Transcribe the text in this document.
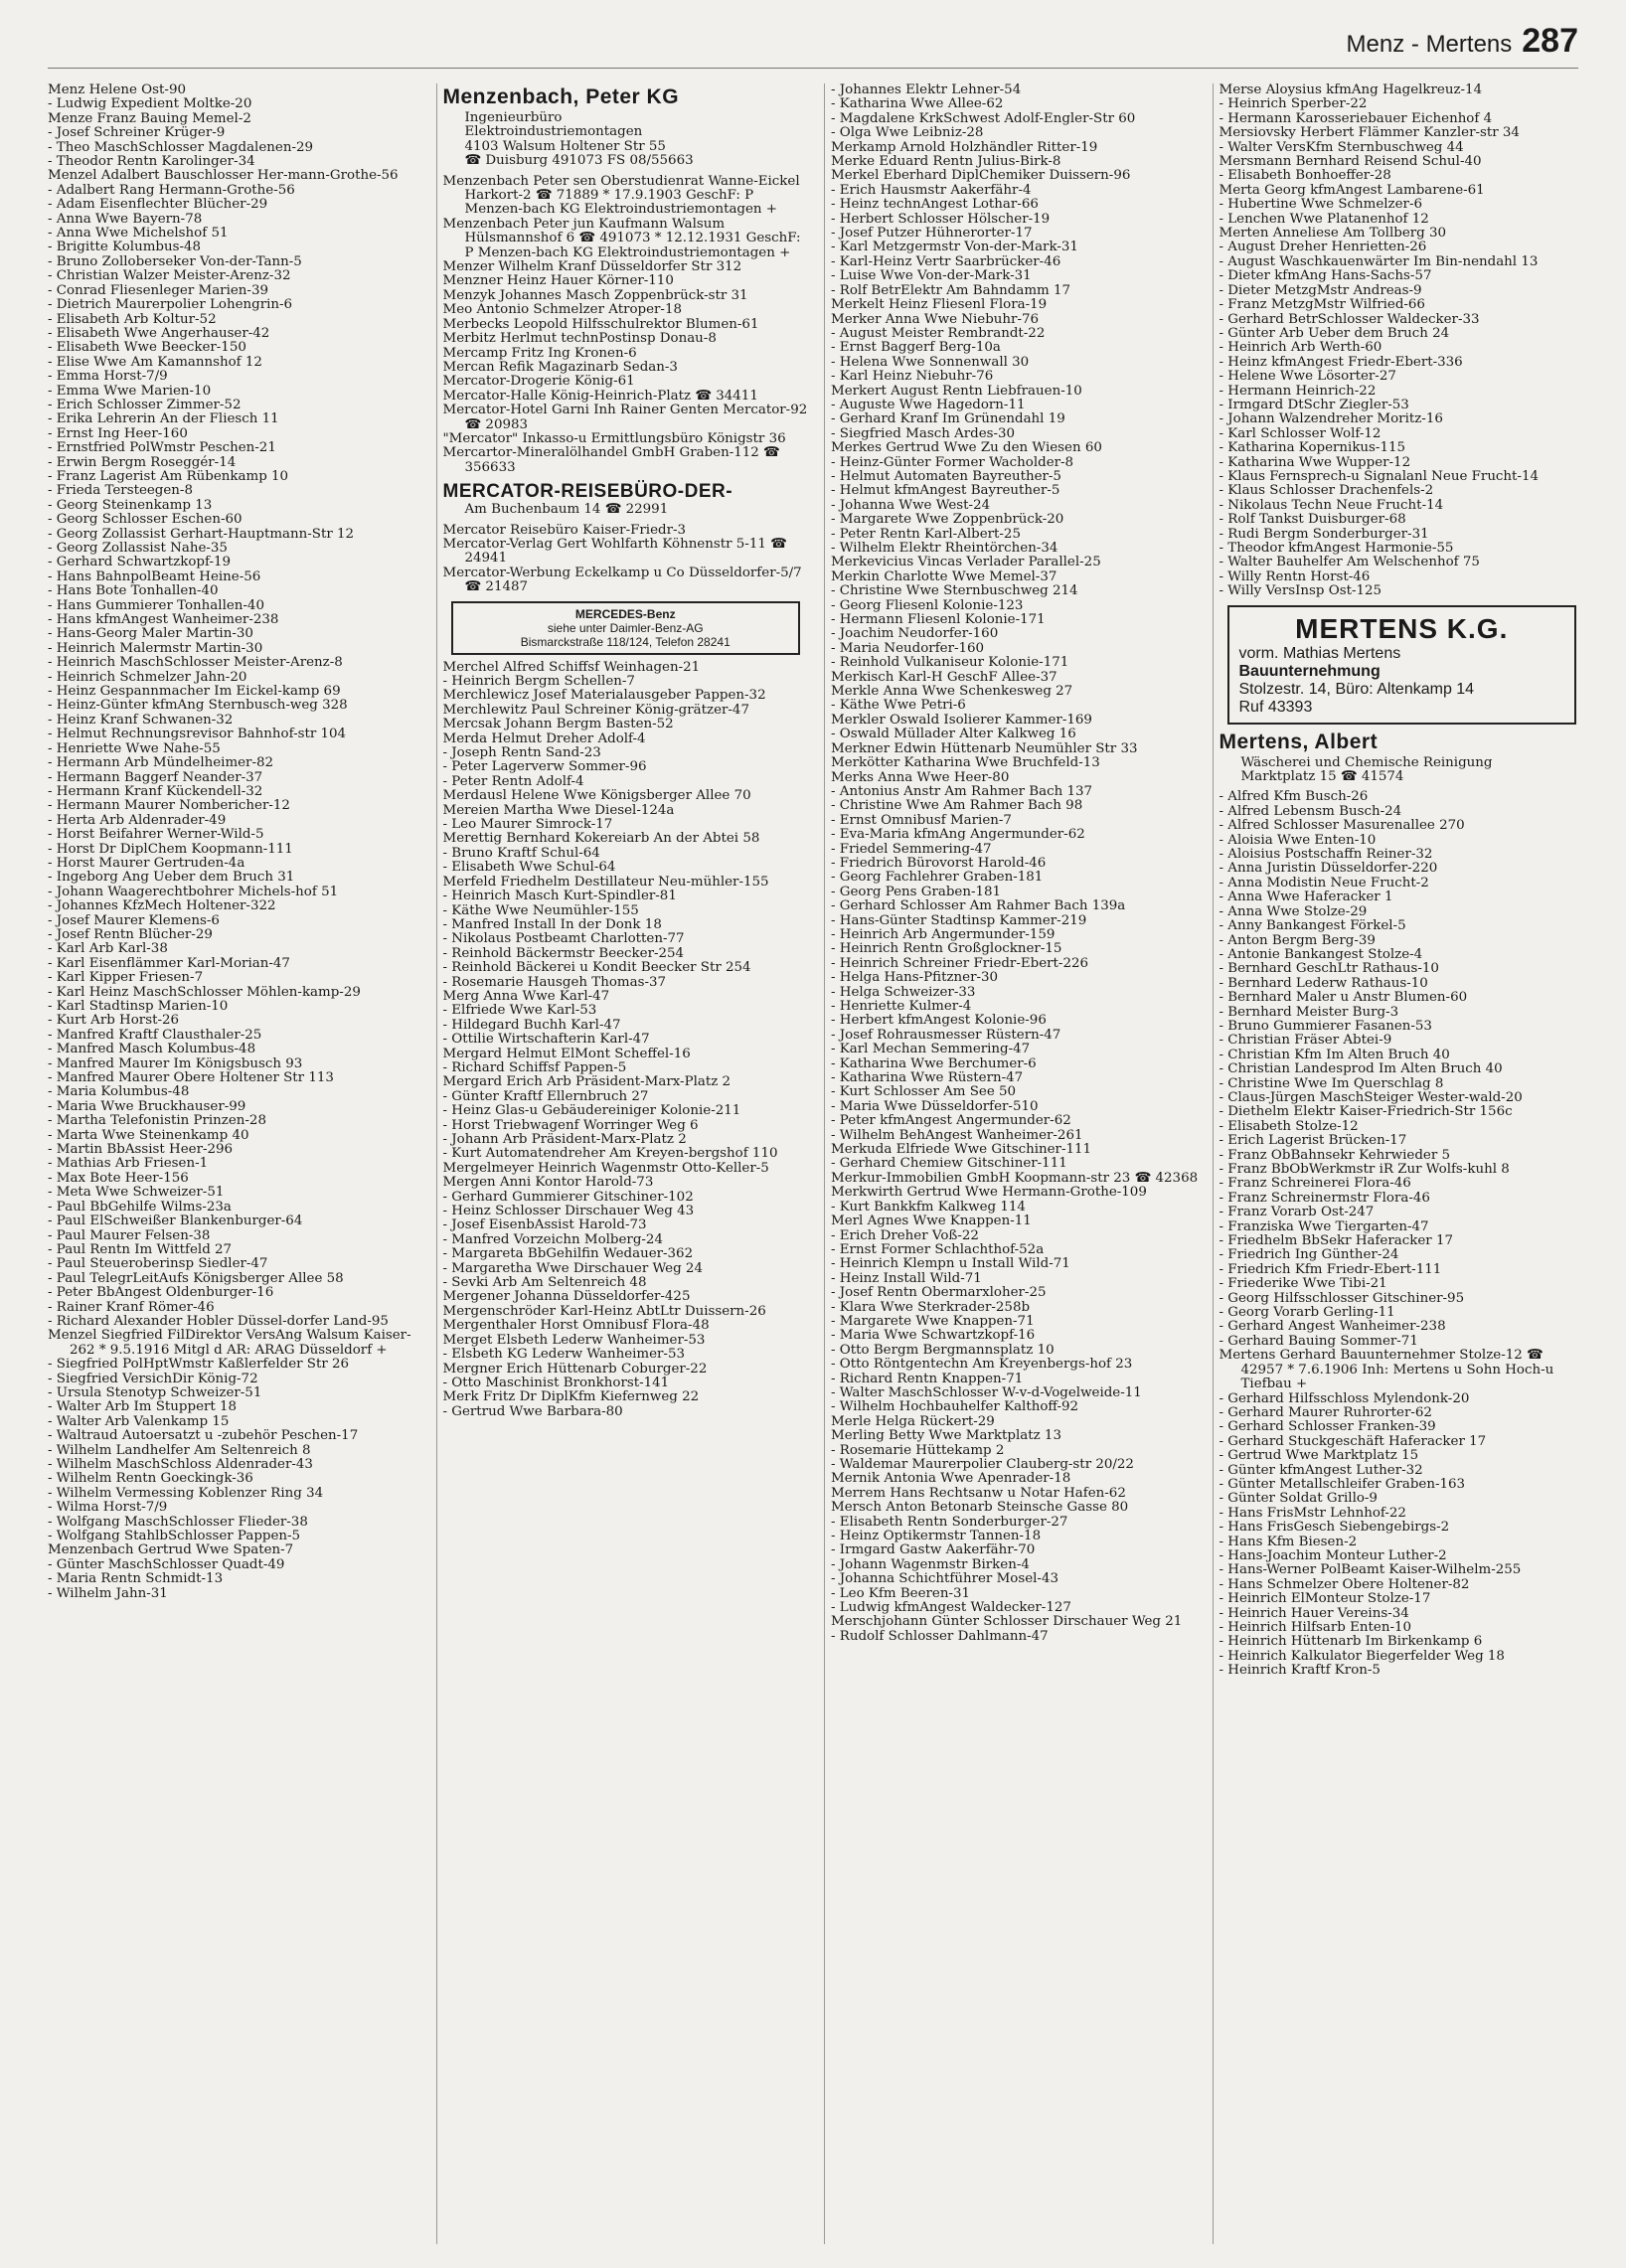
Menz - Mertens 287
Menz Helene Ost-90
- Ludwig Expedient Moltke-20
Menze Franz Bauing Memel-2
- Josef Schreiner Krüger-9
- Theo MaschSchlosser Magdalenen-29
- Theodor Rentn Karolinger-34
Menzel Adalbert Bauschlosser Her-mann-Grothe-56
- Adalbert Rang Hermann-Grothe-56
- Adam Eisenflechter Blücher-29
- Anna Wwe Bayern-78
- Anna Wwe Michelshof 51
- Brigitte Kolumbus-48
- Bruno Zolloberseker Von-der-Tann-5
- Christian Walzer Meister-Arenz-32
- Conrad Fliesenleger Marien-39
- Dietrich Maurerpolier Lohengrin-6
- Elisabeth Arb Koltur-52
- Elisabeth Wwe Angerhauser-42
- Elisabeth Wwe Beecker-150
- Elise Wwe Am Kamannshof 12
- Emma Horst-7/9
- Emma Wwe Marien-10
- Erich Schlosser Zimmer-52
- Erika Lehrerin An der Fliesch 11
- Ernst Ing Heer-160
- Ernstfried PolWmstr Peschen-21
- Erwin Bergm Roseggér-14
- Franz Lagerist Am Rübenkamp 10
- Frieda Tersteegen-8
- Georg Steinenkamp 13
- Georg Schlosser Eschen-60
- Georg Zollassist Gerhart-Hauptmann-Str 12
- Georg Zollassist Nahe-35
- Gerhard Schwartzkopf-19
- Hans BahnpolBeamt Heine-56
- Hans Bote Tonhallen-40
- Hans Gummierer Tonhallen-40
- Hans kfmAngest Wanheimer-238
- Hans-Georg Maler Martin-30
- Heinrich Malermstr Martin-30
- Heinrich MaschSchlosser Meister-Arenz-8
- Heinrich Schmelzer Jahn-20
- Heinz Gespannmacher Im Eickel-kamp 69
- Heinz-Günter kfmAng Sternbusch-weg 328
- Heinz Kranf Schwanen-32
- Helmut Rechnungsrevisor Bahnhof-str 104
- Henriette Wwe Nahe-55
- Hermann Arb Mündelheimer-82
- Hermann Baggerf Neander-37
- Hermann Kranf Kückendell-32
- Hermann Maurer Nombericher-12
- Herta Arb Aldenrader-49
- Horst Beifahrer Werner-Wild-5
- Horst Dr DiplChem Koopmann-111
- Horst Maurer Gertruden-4a
- Ingeborg Ang Ueber dem Bruch 31
- Johann Waagerechtbohrer Michels-hof 51
- Johannes KfzMech Holtener-322
- Josef Maurer Klemens-6
- Josef Rentn Blücher-29
- Karl Arb Karl-38
- Karl Eisenflämmer Karl-Morian-47
- Karl Kipper Friesen-7
- Karl Heinz MaschSchlosser Möhlen-kamp-29
- Karl Stadtinsp Marien-10
- Kurt Arb Horst-26
- Manfred Kraftf Clausthaler-25
- Manfred Masch Kolumbus-48
- Manfred Maurer Im Königsbusch 93
- Manfred Maurer Obere Holtener Str 113
- Maria Kolumbus-48
- Maria Wwe Bruckhauser-99
- Martha Telefonistin Prinzen-28
- Marta Wwe Steinenkamp 40
- Martin BbAssist Heer-296
- Mathias Arb Friesen-1
- Max Bote Heer-156
- Meta Wwe Schweizer-51
- Paul BbGehilfe Wilms-23a
- Paul ElSchweißer Blankenburger-64
- Paul Maurer Felsen-38
- Paul Rentn Im Wittfeld 27
- Paul Steueroberinsp Siedler-47
- Paul TelegrLeitAufs Königsberger Allee 58
- Peter BbAngest Oldenburger-16
- Rainer Kranf Römer-46
- Richard Alexander Hobler Düssel-dorfer Land-95
Menzel Siegfried FilDirektor VersAng Walsum Kaiser-262 * 9.5.1916 Mitgl d AR: ARAG Düsseldorf +
- Siegfried PolHptWmstr Kaßlerfelder Str 26
- Siegfried VersichDir König-72
- Ursula Stenotyp Schweizer-51
- Walter Arb Im Stuppert 18
- Walter Arb Valenkamp 15
- Waltraud Autoersatzt u -zubehör Peschen-17
- Wilhelm Landhelfer Am Seltenreich 8
- Wilhelm MaschSchloss Aldenrader-43
- Wilhelm Rentn Goeckingk-36
- Wilhelm Vermessing Koblenzer Ring 34
- Wilma Horst-7/9
- Wolfgang MaschSchlosser Flieder-38
- Wolfgang StahlbSchlosser Pappen-5
Menzenbach Gertrud Wwe Spaten-7
- Günter MaschSchlosser Quadt-49
- Maria Rentn Schmidt-13
- Wilhelm Jahn-31
Menzenbach, Peter KG
Ingenieurbüro
Elektroindustriemontagen
4103 Walsum Holtener Str 55
☎ Duisburg 491073 FS 08/55663
Menzenbach Peter sen Oberstudienrat Wanne-Eickel Harkort-2 ☎ 71889 * 17.9.1903 GeschF: P Menzen-bach KG Elektroindustriemontagen +
Menzenbach Peter jun Kaufmann Walsum Hülsmannshof 6 ☎ 491073 * 12.12.1931 GeschF: P Menzen-bach KG Elektroindustriemontagen +
Menzer Wilhelm Kranf Düsseldorfer Str 312
Menzner Heinz Hauer Körner-110
Menzyk Johannes Masch Zoppenbrück-str 31
Meo Antonio Schmelzer Atroper-18
Merbecks Leopold Hilfsschulrektor Blumen-61
Merbitz Herlmut technPostinsp Donau-8
Mercamp Fritz Ing Kronen-6
Mercan Refik Magazinarb Sedan-3
Mercator-Drogerie König-61
Mercator-Halle König-Heinrich-Platz ☎ 34411
Mercator-Hotel Garni Inh Rainer Genten Mercator-92 ☎ 20983
"Mercator" Inkasso-u Ermittlungsbüro Königstr 36
Mercartor-Mineralölhandel GmbH Graben-112 ☎ 356633
MERCATOR-REISEBÜRO-DER-
Am Buchenbaum 14 ☎ 22991
Mercator Reisebüro Kaiser-Friedr-3
Mercator-Verlag Gert Wohlfarth Köhnenstr 5-11 ☎ 24941
Mercator-Werbung Eckelkamp u Co Düsseldorfer-5/7 ☎ 21487
MERCEDES-Benz
siehe unter Daimler-Benz-AG
Bismarckstraße 118/124, Telefon 28241
Merchel Alfred Schiffsf Weinhagen-21
- Heinrich Bergm Schellen-7
Merchlewicz Josef Materialausgeber Pappen-32
Merchlewitz Paul Schreiner König-grätzer-47
Mercsak Johann Bergm Basten-52
Merda Helmut Dreher Adolf-4
- Joseph Rentn Sand-23
- Peter Lagerverw Sommer-96
- Peter Rentn Adolf-4
Merdausl Helene Wwe Königsberger Allee 70
Mereien Martha Wwe Diesel-124a
- Leo Maurer Simrock-17
Merettig Bernhard Kokereiarb An der Abtei 58
- Bruno Kraftf Schul-64
- Elisabeth Wwe Schul-64
Merfeld Friedhelm Destillateur Neu-mühler-155
- Heinrich Masch Kurt-Spindler-81
- Käthe Wwe Neumühler-155
- Manfred Install In der Donk 18
- Nikolaus Postbeamt Charlotten-77
- Reinhold Bäckermstr Beecker-254
- Reinhold Bäckerei u Kondit Beecker Str 254
- Rosemarie Hausgeh Thomas-37
Merg Anna Wwe Karl-47
- Elfriede Wwe Karl-53
- Hildegard Buchh Karl-47
- Ottilie Wirtschafterin Karl-47
Mergard Helmut ElMont Scheffel-16
- Richard Schiffsf Pappen-5
Mergard Erich Arb Präsident-Marx-Platz 2
- Günter Kraftf Ellernbruch 27
- Heinz Glas-u Gebäudereiniger Kolonie-211
- Horst Triebwagenf Worringer Weg 6
- Johann Arb Präsident-Marx-Platz 2
- Kurt Automatendreher Am Kreyen-bergshof 110
Mergelmeyer Heinrich Wagenmstr Otto-Keller-5
Mergen Anni Kontor Harold-73
- Gerhard Gummierer Gitschiner-102
- Heinz Schlosser Dirschauer Weg 43
- Josef EisenbAssist Harold-73
- Manfred Vorzeichn Molberg-24
- Margareta BbGehilfin Wedauer-362
- Margaretha Wwe Dirschauer Weg 24
- Sevki Arb Am Seltenreich 48
Mergener Johanna Düsseldorfer-425
Mergenschröder Karl-Heinz AbtLtr Duissern-26
Mergenthaler Horst Omnibusf Flora-48
Merget Elsbeth Lederw Wanheimer-53
- Elsbeth KG Lederw Wanheimer-53
Mergner Erich Hüttenarb Coburger-22
- Otto Maschinist Bronkhorst-141
Merk Fritz Dr DiplKfm Kiefernweg 22
- Gertrud Wwe Barbara-80
- Johannes Elektr Lehner-54
- Katharina Wwe Allee-62
- Magdalene KrkSchwest Adolf-Engler-Str 60
- Olga Wwe Leibniz-28
Merkamp Arnold Holzhändler Ritter-19
Merke Eduard Rentn Julius-Birk-8
Merkel Eberhard DiplChemiker Duissern-96
- Erich Hausmstr Aakerfähr-4
- Heinz technAngest Lothar-66
- Herbert Schlosser Hölscher-19
- Josef Putzer Hühnerorter-17
- Karl Metzgermstr Von-der-Mark-31
- Karl-Heinz Vertr Saarbrücker-46
- Luise Wwe Von-der-Mark-31
- Rolf BetrElektr Am Bahndamm 17
Merkelt Heinz Fliesenl Flora-19
Merker Anna Wwe Niebuhr-76
- August Meister Rembrandt-22
- Ernst Baggerf Berg-10a
- Helena Wwe Sonnenwall 30
- Karl Heinz Niebuhr-76
Merkert August Rentn Liebfrauen-10
- Auguste Wwe Hagedorn-11
- Gerhard Kranf Im Grünendahl 19
- Siegfried Masch Ardes-30
Merkes Gertrud Wwe Zu den Wiesen 60
- Heinz-Günter Former Wacholder-8
- Helmut Automaten Bayreuther-5
- Helmut kfmAngest Bayreuther-5
- Johanna Wwe West-24
- Margarete Wwe Zoppenbrück-20
- Peter Rentn Karl-Albert-25
- Wilhelm Elektr Rheintörchen-34
Merkevicius Vincas Verlader Parallel-25
Merkin Charlotte Wwe Memel-37
- Christine Wwe Sternbuschweg 214
- Georg Fliesenl Kolonie-123
- Hermann Fliesenl Kolonie-171
- Joachim Neudorfer-160
- Maria Neudorfer-160
- Reinhold Vulkaniseur Kolonie-171
Merkisch Karl-H GeschF Allee-37
Merkle Anna Wwe Schenkesweg 27
- Käthe Wwe Petri-6
Merkler Oswald Isolierer Kammer-169
- Oswald Müllader Alter Kalkweg 16
Merkner Edwin Hüttenarb Neumühler Str 33
Merkötter Katharina Wwe Bruchfeld-13
Merks Anna Wwe Heer-80
- Antonius Anstr Am Rahmer Bach 137
- Christine Wwe Am Rahmer Bach 98
- Ernst Omnibusf Marien-7
- Eva-Maria kfmAng Angermunder-62
- Friedel Semmering-47
- Friedrich Bürovorst Harold-46
- Georg Fachlehrer Graben-181
- Georg Pens Graben-181
- Gerhard Schlosser Am Rahmer Bach 139a
- Hans-Günter Stadtinsp Kammer-219
- Heinrich Arb Angermunder-159
- Heinrich Rentn Großglockner-15
- Heinrich Schreiner Friedr-Ebert-226
- Helga Hans-Pfitzner-30
- Helga Schweizer-33
- Henriette Kulmer-4
- Herbert kfmAngest Kolonie-96
- Josef Rohrausmesser Rüstern-47
- Karl Mechan Semmering-47
- Katharina Wwe Berchumer-6
- Katharina Wwe Rüstern-47
- Kurt Schlosser Am See 50
- Maria Wwe Düsseldorfer-510
- Peter kfmAngest Angermunder-62
- Wilhelm BehAngest Wanheimer-261
Merkuda Elfriede Wwe Gitschiner-111
- Gerhard Chemiew Gitschiner-111
Merkur-Immobilien GmbH Koopmann-str 23 ☎ 42368
Merkwirth Gertrud Wwe Hermann-Grothe-109
- Kurt Bankkfm Kalkweg 114
Merl Agnes Wwe Knappen-11
- Erich Dreher Voß-22
- Ernst Former Schlachthof-52a
- Heinrich Klempn u Install Wild-71
- Heinz Install Wild-71
- Josef Rentn Obermarxloher-25
- Klara Wwe Sterkrader-258b
- Margarete Wwe Knappen-71
- Maria Wwe Schwartzkopf-16
- Otto Bergm Bergmannsplatz 10
- Otto Röntgentechn Am Kreyenbergs-hof 23
- Richard Rentn Knappen-71
- Walter MaschSchlosser W-v-d-Vogelweide-11
- Wilhelm Hochbauhelfer Kalthoff-92
Merle Helga Rückert-29
Merling Betty Wwe Marktplatz 13
- Rosemarie Hüttekamp 2
- Waldemar Maurerpolier Clauberg-str 20/22
Mernik Antonia Wwe Apenrader-18
Merrem Hans Rechtsanw u Notar Hafen-62
Mersch Anton Betonarb Steinsche Gasse 80
- Elisabeth Rentn Sonderburger-27
- Heinz Optikermstr Tannen-18
- Irmgard Gastw Aakerfähr-70
- Johann Wagenmstr Birken-4
- Johanna Schichtführer Mosel-43
- Leo Kfm Beeren-31
- Ludwig kfmAngest Waldecker-127
Merschjohann Günter Schlosser Dirschauer Weg 21
- Rudolf Schlosser Dahlmann-47
Merse Aloysius kfmAng Hagelkreuz-14
- Heinrich Sperber-22
- Hermann Karosseriebauer Eichenhof 4
Mersiovsky Herbert Flämmer Kanzler-str 34
- Walter VersKfm Sternbuschweg 44
Mersmann Bernhard Reisend Schul-40
- Elisabeth Bonhoeffer-28
Merta Georg kfmAngest Lambarene-61
- Hubertine Wwe Schmelzer-6
- Lenchen Wwe Platanenhof 12
Merten Anneliese Am Tollberg 30
- August Dreher Henrietten-26
- August Waschkauenwärter Im Bin-nendahl 13
- Dieter kfmAng Hans-Sachs-57
- Dieter MetzgMstr Andreas-9
- Franz MetzgMstr Wilfried-66
- Gerhard BetrSchlosser Waldecker-33
- Günter Arb Ueber dem Bruch 24
- Heinrich Arb Werth-60
- Heinz kfmAngest Friedr-Ebert-336
- Helene Wwe Lösorter-27
- Hermann Heinrich-22
- Irmgard DtSchr Ziegler-53
- Johann Walzendreher Moritz-16
- Karl Schlosser Wolf-12
- Katharina Kopernikus-115
- Katharina Wwe Wupper-12
- Klaus Fernsprech-u Signalanl Neue Frucht-14
- Klaus Schlosser Drachenfels-2
- Nikolaus Techn Neue Frucht-14
- Rolf Tankst Duisburger-68
- Rudi Bergm Sonderburger-31
- Theodor kfmAngest Harmonie-55
- Walter Bauhelfer Am Welschenhof 75
- Willy Rentn Horst-46
- Willy VersInsp Ost-125
MERTENS K.G.
vorm. Mathias Mertens
Bauunternehmung
Stolzestr. 14, Büro: Altenkamp 14
Ruf 43393
Mertens, Albert
Wäscherei und Chemische Reinigung
Marktplatz 15 ☎ 41574
- Alfred Kfm Busch-26
- Alfred Lebensm Busch-24
- Alfred Schlosser Masurenallee 270
- Aloisia Wwe Enten-10
- Aloisius Postschaffn Reiner-32
- Anna Juristin Düsseldorfer-220
- Anna Modistin Neue Frucht-2
- Anna Wwe Haferacker 1
- Anna Wwe Stolze-29
- Anny Bankangest Förkel-5
- Anton Bergm Berg-39
- Antonie Bankangest Stolze-4
- Bernhard GeschLtr Rathaus-10
- Bernhard Lederw Rathaus-10
- Bernhard Maler u Anstr Blumen-60
- Bernhard Meister Burg-3
- Bruno Gummierer Fasanen-53
- Christian Fräser Abtei-9
- Christian Kfm Im Alten Bruch 40
- Christian Landesprod Im Alten Bruch 40
- Christine Wwe Im Querschlag 8
- Claus-Jürgen MaschSteiger Wester-wald-20
- Diethelm Elektr Kaiser-Friedrich-Str 156c
- Elisabeth Stolze-12
- Erich Lagerist Brücken-17
- Franz ObBahnsekr Kehrwieder 5
- Franz BbObWerkmstr iR Zur Wolfs-kuhl 8
- Franz Schreinerei Flora-46
- Franz Schreinermstr Flora-46
- Franz Vorarb Ost-247
- Franziska Wwe Tiergarten-47
- Friedhelm BbSekr Haferacker 17
- Friedrich Ing Günther-24
- Friedrich Kfm Friedr-Ebert-111
- Friederike Wwe Tibi-21
- Georg Hilfsschlosser Gitschiner-95
- Georg Vorarb Gerling-11
- Gerhard Angest Wanheimer-238
- Gerhard Bauing Sommer-71
Mertens Gerhard Bauunternehmer Stolze-12 ☎ 42957 * 7.6.1906 Inh: Mertens u Sohn Hoch-u Tiefbau +
- Gerhard Hilfsschloss Mylendonk-20
- Gerhard Maurer Ruhrorter-62
- Gerhard Schlosser Franken-39
- Gerhard Stuckgeschäft Haferacker 17
- Gertrud Wwe Marktplatz 15
- Günter kfmAngest Luther-32
- Günter Metallschleifer Graben-163
- Günter Soldat Grillo-9
- Hans FrisMstr Lehnhof-22
- Hans FrisGesch Siebengebirgs-2
- Hans Kfm Biesen-2
- Hans-Joachim Monteur Luther-2
- Hans-Werner PolBeamt Kaiser-Wilhelm-255
- Hans Schmelzer Obere Holtener-82
- Heinrich ElMonteur Stolze-17
- Heinrich Hauer Vereins-34
- Heinrich Hilfsarb Enten-10
- Heinrich Hüttenarb Im Birkenkamp 6
- Heinrich Kalkulator Biegerfelder Weg 18
- Heinrich Kraftf Kron-5
